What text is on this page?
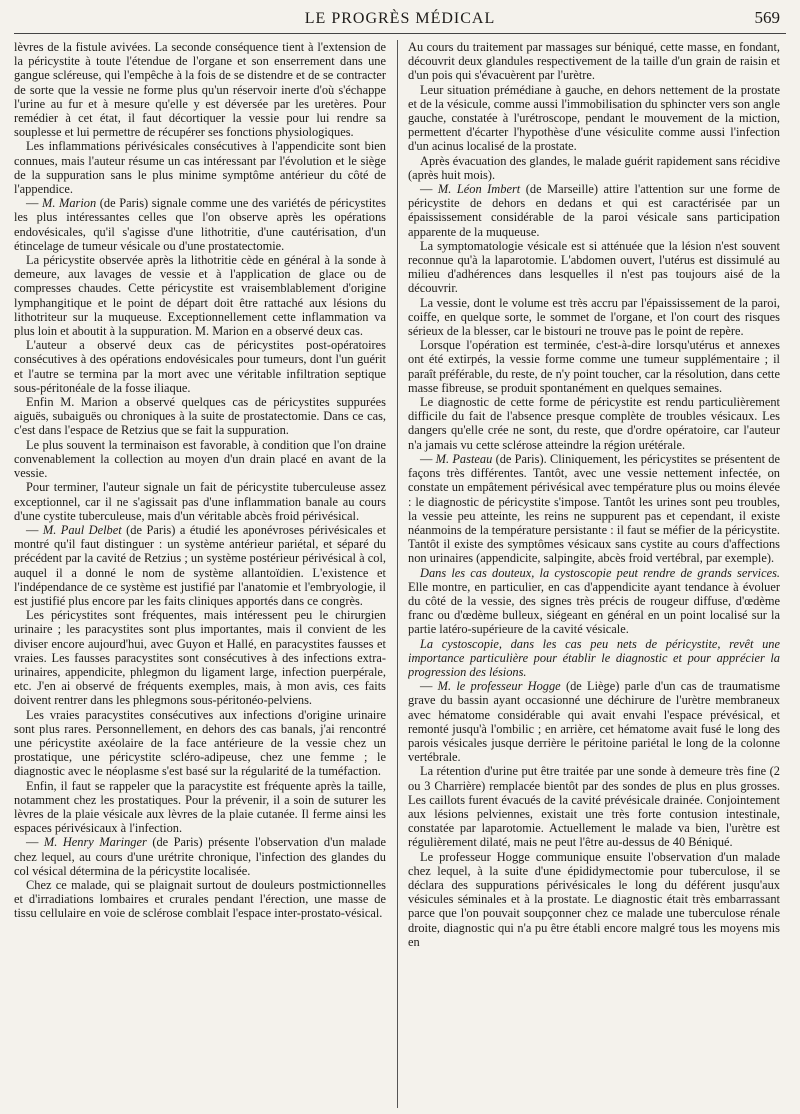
LE PROGRÈS MÉDICAL	569

lèvres de la fistule avivées. La seconde conséquence tient à l'extension de la péricystite à toute l'étendue de l'organe et son enserrement dans une gangue scléreuse, qui l'empêche à la fois de se distendre et de se contracter de sorte que la vessie ne forme plus qu'un réservoir inerte d'où s'échappe l'urine au fur et à mesure qu'elle y est déversée par les uretères. Pour remédier à cet état, il faut décortiquer la vessie pour lui rendre sa souplesse et lui permettre de récupérer ses fonctions physiologiques.

Les inflammations périvésicales consécutives à l'appendicite sont bien connues, mais l'auteur résume un cas intéressant par l'évolution et le siège de la suppuration sans le plus minime symptôme antérieur du côté de l'appendice.

— M. Marion (de Paris) signale comme une des variétés de péricystites les plus intéressantes celles que l'on observe après les opérations endovésicales, qu'il s'agisse d'une lithotritie, d'une cautérisation, d'un étincelage de tumeur vésicale ou d'une prostatectomie.

La péricystite observée après la lithotritie cède en général à la sonde à demeure, aux lavages de vessie et à l'application de glace ou de compresses chaudes. Cette péricystite est vraisemblablement d'origine lymphangitique et le point de départ doit être rattaché aux lésions du lithotriteur sur la muqueuse. Exceptionnellement cette inflammation va plus loin et aboutit à la suppuration. M. Marion en a observé deux cas.

L'auteur a observé deux cas de péricystites post-opératoires consécutives à des opérations endovésicales pour tumeurs, dont l'un guérit et l'autre se termina par la mort avec une véritable infiltration septique sous-péritonéale de la fosse iliaque.

Enfin M. Marion a observé quelques cas de péricystites suppurées aiguës, subaiguës ou chroniques à la suite de prostatectomie. Dans ce cas, c'est dans l'espace de Retzius que se fait la suppuration.

Le plus souvent la terminaison est favorable, à condition que l'on draine convenablement la collection au moyen d'un drain placé en avant de la vessie.

Pour terminer, l'auteur signale un fait de péricystite tuberculeuse assez exceptionnel, car il ne s'agissait pas d'une inflammation banale au cours d'une cystite tuberculeuse, mais d'un véritable abcès froid périvésical.

— M. Paul Delbet (de Paris) a étudié les aponévroses périvésicales et montré qu'il faut distinguer : un système antérieur pariétal, et séparé du précédent par la cavité de Retzius ; un système postérieur périvésical à col, auquel il a donné le nom de système allantoïdien. L'existence et l'indépendance de ce système est justifié par l'anatomie et l'embryologie, il est justifié plus encore par les faits cliniques apportés dans ce congrès.

Les péricystites sont fréquentes, mais intéressent peu le chirurgien urinaire ; les paracystites sont plus importantes, mais il convient de les diviser encore aujourd'hui, avec Guyon et Hallé, en paracystites fausses et vraies. Les fausses paracystites sont consécutives à des infections extra-urinaires, appendicite, phlegmon du ligament large, infection puerpérale, etc. J'en ai observé de fréquents exemples, mais, à mon avis, ces faits doivent rentrer dans les phlegmons sous-péritonéo-pelviens.

Les vraies paracystites consécutives aux infections d'origine urinaire sont plus rares. Personnellement, en dehors des cas banals, j'ai rencontré une péricystite axéolaire de la face antérieure de la vessie chez un prostatique, une péricystite scléro-adipeuse, chez une femme ; le diagnostic avec le néoplasme s'est basé sur la régularité de la tuméfaction.

Enfin, il faut se rappeler que la paracystite est fréquente après la taille, notamment chez les prostatiques. Pour la prévenir, il a soin de suturer les lèvres de la plaie vésicale aux lèvres de la plaie cutanée. Il ferme ainsi les espaces périvésicaux à l'infection.

— M. Henry Maringer (de Paris) présente l'observation d'un malade chez lequel, au cours d'une urétrite chronique, l'infection des glandes du col vésical détermina de la péricystite localisée.

Chez ce malade, qui se plaignait surtout de douleurs postmictionnelles et d'irradiations lombaires et crurales pendant l'érection, une masse de tissu cellulaire en voie de sclérose comblait l'espace inter-prostato-vésical.

Au cours du traitement par massages sur béniqué, cette masse, en fondant, découvrit deux glandules respectivement de la taille d'un grain de raisin et d'un pois qui s'évacuèrent par l'urètre.

Leur situation prémédiane à gauche, en dehors nettement de la prostate et de la vésicule, comme aussi l'immobilisation du sphincter vers son angle gauche, constatée à l'urétroscope, pendant le mouvement de la miction, permettent d'écarter l'hypothèse d'une vésiculite comme aussi l'infection d'un acinus localisé de la prostate.

Après évacuation des glandes, le malade guérit rapidement sans récidive (après huit mois).

— M. Léon Imbert (de Marseille) attire l'attention sur une forme de péricystite de dehors en dedans et qui est caractérisée par un épaississement considérable de la paroi vésicale sans participation apparente de la muqueuse.

La symptomatologie vésicale est si atténuée que la lésion n'est souvent reconnue qu'à la laparotomie. L'abdomen ouvert, l'utérus est dissimulé au milieu d'adhérences dans lesquelles il n'est pas toujours aisé de la découvrir.

La vessie, dont le volume est très accru par l'épaississement de la paroi, coiffe, en quelque sorte, le sommet de l'organe, et l'on court des risques sérieux de la blesser, car le bistouri ne trouve pas le point de repère.

Lorsque l'opération est terminée, c'est-à-dire lorsqu'utérus et annexes ont été extirpés, la vessie forme comme une tumeur supplémentaire ; il paraît préférable, du reste, de n'y point toucher, car la résolution, dans cette masse fibreuse, se produit spontanément en quelques semaines.

Le diagnostic de cette forme de péricystite est rendu particulièrement difficile du fait de l'absence presque complète de troubles vésicaux. Les dangers qu'elle crée ne sont, du reste, que d'ordre opératoire, car l'auteur n'a jamais vu cette sclérose atteindre la région urétérale.

— M. Pasteau (de Paris). Cliniquement, les péricystites se présentent de façons très différentes. Tantôt, avec une vessie nettement infectée, on constate un empâtement périvésical avec température plus ou moins élevée : le diagnostic de péricystite s'impose. Tantôt les urines sont peu troubles, la vessie peu atteinte, les reins ne suppurent pas et cependant, il existe néanmoins de la température persistante : il faut se méfier de la péricystite. Tantôt il existe des symptômes vésicaux sans cystite au cours d'affections non urinaires (appendicite, salpingite, abcès froid vertébral, par exemple).

Dans les cas douteux, la cystoscopie peut rendre de grands services. Elle montre, en particulier, en cas d'appendicite ayant tendance à évoluer du côté de la vessie, des signes très précis de rougeur diffuse, d'œdème franc ou d'œdème bulleux, siégeant en général en un point localisé sur la partie latéro-supérieure de la cavité vésicale.

La cystoscopie, dans les cas peu nets de péricystite, revêt une importance particulière pour établir le diagnostic et pour apprécier la progression des lésions.

— M. le professeur Hogge (de Liège) parle d'un cas de traumatisme grave du bassin ayant occasionné une déchirure de l'urètre membraneux avec hématome considérable qui avait envahi l'espace prévésical, et remonté jusqu'à l'ombilic ; en arrière, cet hématome avait fusé le long des parois vésicales jusque derrière le péritoine pariétal le long de la colonne vertébrale.

La rétention d'urine put être traitée par une sonde à demeure très fine (2 ou 3 Charrière) remplacée bientôt par des sondes de plus en plus grosses. Les caillots furent évacués de la cavité prévésicale drainée. Conjointement aux lésions pelviennes, existait une très forte contusion intestinale, constatée par laparotomie. Actuellement le malade va bien, l'urètre est régulièrement dilaté, mais ne peut l'être au-dessus de 40 Béniqué.

Le professeur Hogge communique ensuite l'observation d'un malade chez lequel, à la suite d'une épididymectomie pour tuberculose, il se déclara des suppurations périvésicales le long du déférent jusqu'aux vésicules séminales et à la prostate. Le diagnostic était très embarrassant parce que l'on pouvait soupçonner chez ce malade une tuberculose rénale droite, diagnostic qui n'a pu être établi encore malgré tous les moyens mis en
